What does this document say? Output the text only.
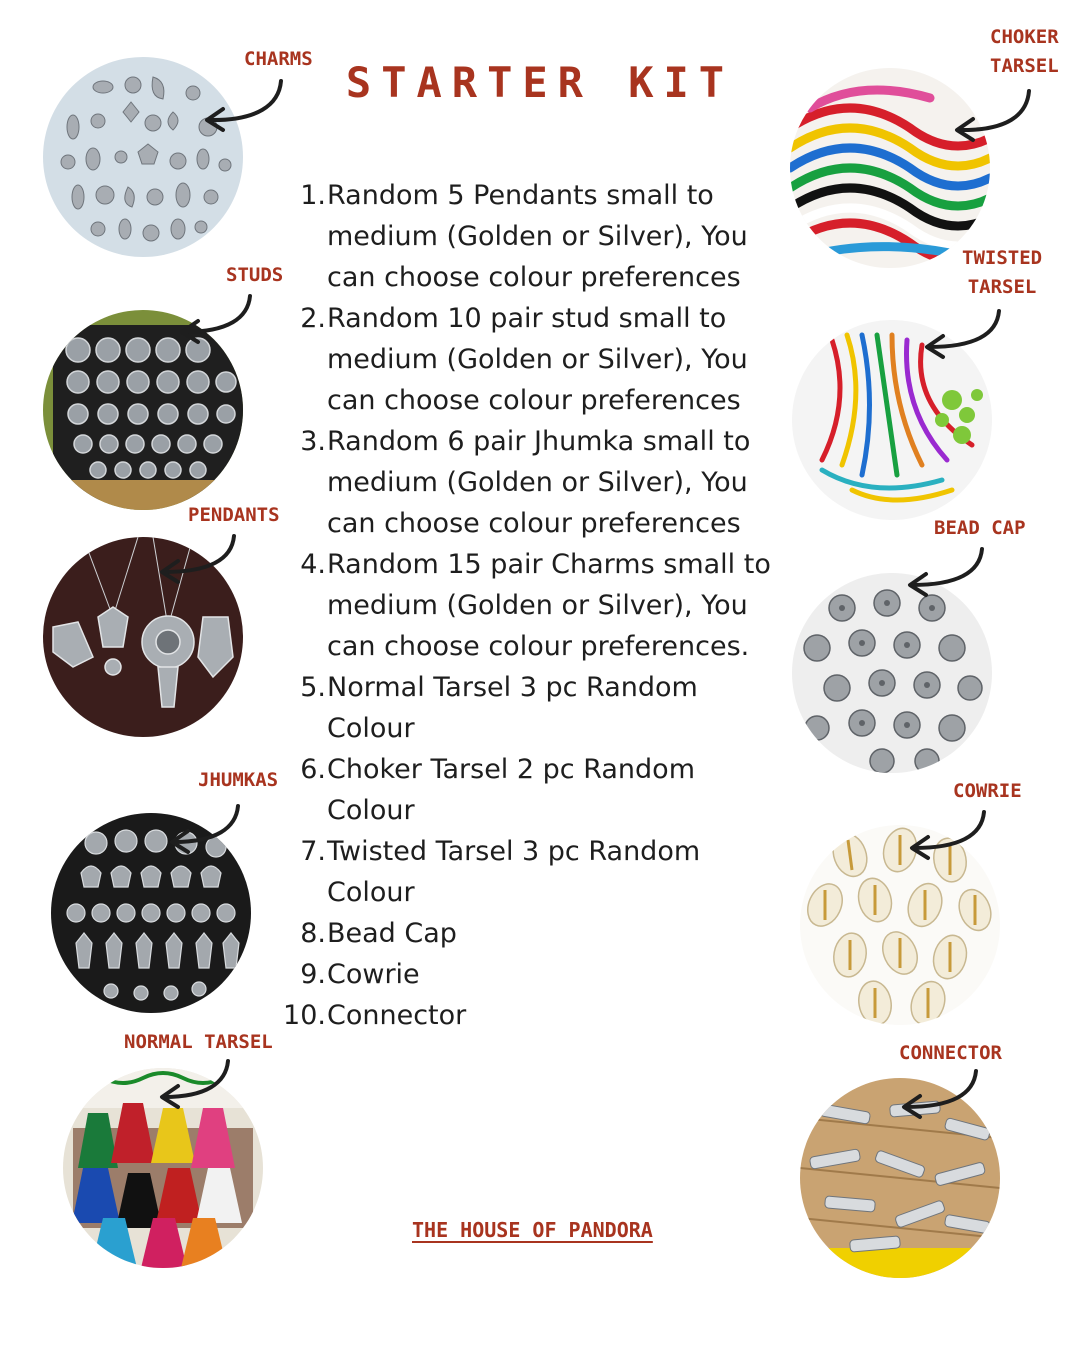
STARTER KIT
1. Random 5 Pendants small to medium (Golden or Silver), You can choose colour preferences
2. Random 10 pair stud small to medium (Golden or Silver), You can choose colour preferences
3. Random 6 pair Jhumka small to medium (Golden or Silver), You can choose colour preferences
4. Random 15 pair Charms small to medium (Golden or Silver), You can choose colour preferences.
5. Normal Tarsel 3 pc Random Colour
6. Choker Tarsel 2 pc Random Colour
7. Twisted Tarsel 3 pc Random Colour
8. Bead Cap
9. Cowrie
10. Connector
CHARMS
STUDS
PENDANTS
JHUMKAS
NORMAL TARSEL
CHOKER
TARSEL
TWISTED
TARSEL
BEAD CAP
COWRIE
CONNECTOR
THE HOUSE OF PANDORA
